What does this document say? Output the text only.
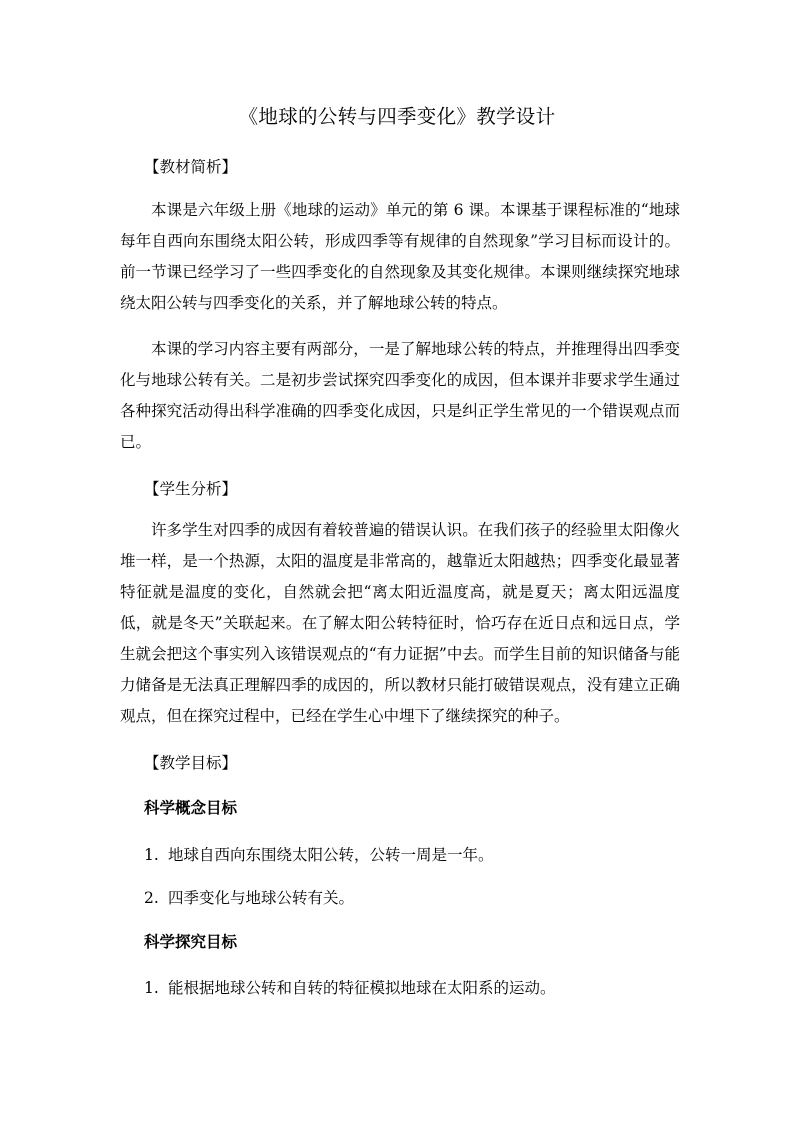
《地球的公转与四季变化》教学设计
【教材简析】

本课是六年级上册《地球的运动》单元的第 6 课。本课基于课程标准的“地球每年自西向东围绕太阳公转，形成四季等有规律的自然现象”学习目标而设计的。前一节课已经学习了一些四季变化的自然现象及其变化规律。本课则继续探究地球绕太阳公转与四季变化的关系，并了解地球公转的特点。

本课的学习内容主要有两部分，一是了解地球公转的特点，并推理得出四季变化与地球公转有关。二是初步尝试探究四季变化的成因，但本课并非要求学生通过各种探究活动得出科学准确的四季变化成因，只是纠正学生常见的一个错误观点而已。

【学生分析】

许多学生对四季的成因有着较普遍的错误认识。在我们孩子的经验里太阳像火堆一样，是一个热源，太阳的温度是非常高的，越靠近太阳越热；四季变化最显著特征就是温度的变化，自然就会把“离太阳近温度高，就是夏天；离太阳远温度低，就是冬天”关联起来。在了解太阳公转特征时，恰巧存在近日点和远日点，学生就会把这个事实列入该错误观点的“有力证据”中去。而学生目前的知识储备与能力储备是无法真正理解四季的成因的，所以教材只能打破错误观点，没有建立正确观点，但在探究过程中，已经在学生心中埋下了继续探究的种子。

【教学目标】
科学概念目标
1. 地球自西向东围绕太阳公转，公转一周是一年。
2. 四季变化与地球公转有关。
科学探究目标
1. 能根据地球公转和自转的特征模拟地球在太阳系的运动。
